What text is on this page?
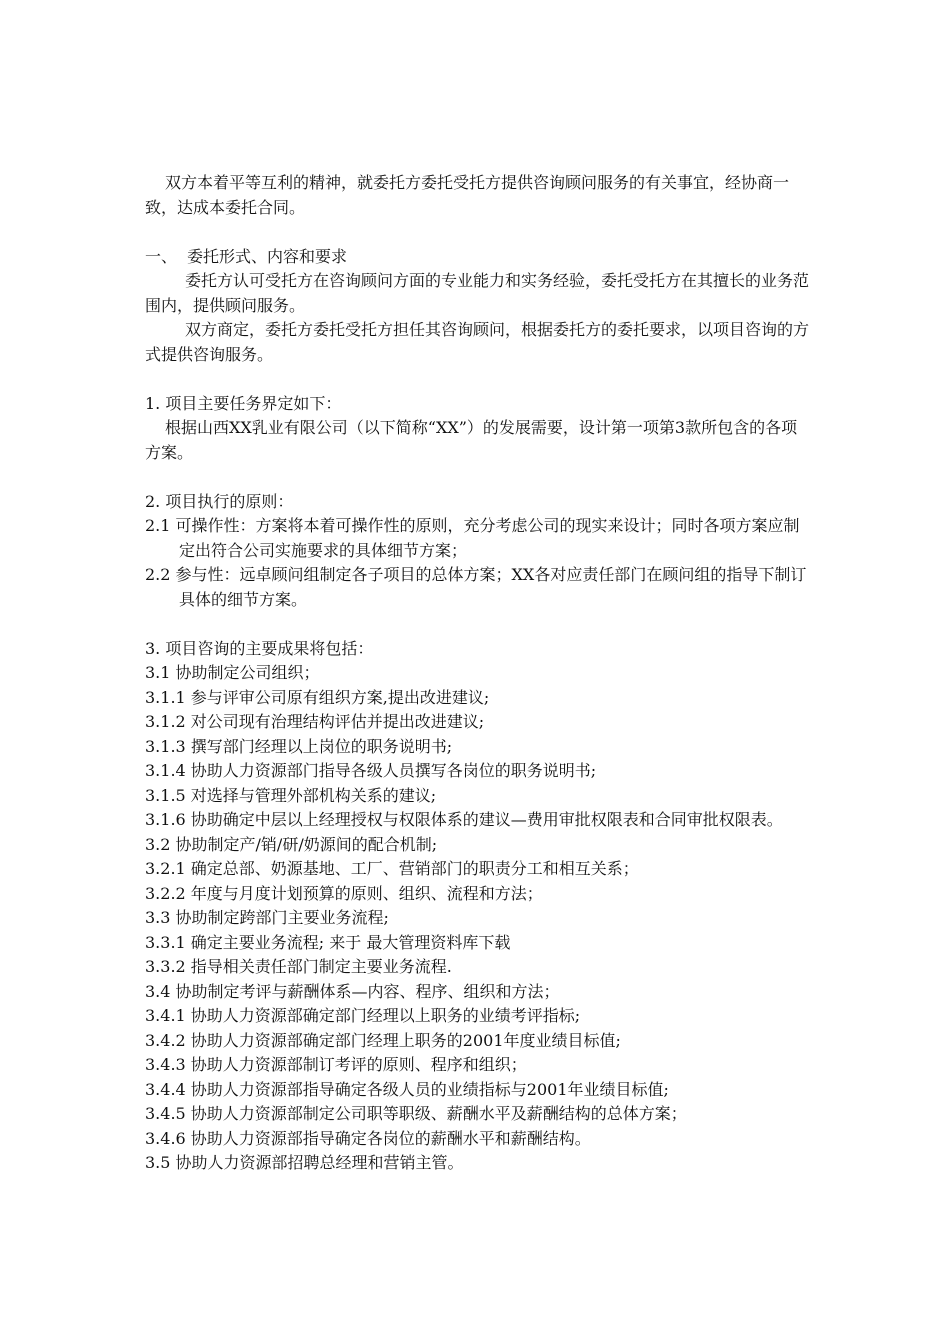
双方本着平等互利的精神，就委托方委托受托方提供咨询顾问服务的有关事宜，经协商一致，达成本委托合同。

一、 委托形式、内容和要求

委托方认可受托方在咨询顾问方面的专业能力和实务经验，委托受托方在其擅长的业务范围内，提供顾问服务。

双方商定，委托方委托受托方担任其咨询顾问，根据委托方的委托要求，以项目咨询的方式提供咨询服务。

1. 项目主要任务界定如下：

根据山西XX乳业有限公司（以下简称“XX”）的发展需要，设计第一项第3款所包含的各项方案。

2. 项目执行的原则：

2.1 可操作性：方案将本着可操作性的原则，充分考虑公司的现实来设计；同时各项方案应制定出符合公司实施要求的具体细节方案；

2.2 参与性：远卓顾问组制定各子项目的总体方案；XX各对应责任部门在顾问组的指导下制订具体的细节方案。

3. 项目咨询的主要成果将包括：

3.1 协助制定公司组织；

3.1.1 参与评审公司原有组织方案,提出改进建议;

3.1.2 对公司现有治理结构评估并提出改进建议;

3.1.3 撰写部门经理以上岗位的职务说明书;

3.1.4 协助人力资源部门指导各级人员撰写各岗位的职务说明书;

3.1.5 对选择与管理外部机构关系的建议;

3.1.6 协助确定中层以上经理授权与权限体系的建议—费用审批权限表和合同审批权限表。

3.2 协助制定产/销/研/奶源间的配合机制;

3.2.1 确定总部、奶源基地、工厂、营销部门的职责分工和相互关系；

3.2.2 年度与月度计划预算的原则、组织、流程和方法；

3.3 协助制定跨部门主要业务流程;

3.3.1 确定主要业务流程; 来于 最大管理资料库下载

3.3.2 指导相关责任部门制定主要业务流程.

3.4 协助制定考评与薪酬体系—内容、程序、组织和方法；

3.4.1 协助人力资源部确定部门经理以上职务的业绩考评指标;

3.4.2 协助人力资源部确定部门经理上职务的2001年度业绩目标值;

3.4.3 协助人力资源部制订考评的原则、程序和组织；

3.4.4 协助人力资源部指导确定各级人员的业绩指标与2001年业绩目标值;

3.4.5 协助人力资源部制定公司职等职级、薪酬水平及薪酬结构的总体方案；

3.4.6 协助人力资源部指导确定各岗位的薪酬水平和薪酬结构。

3.5 协助人力资源部招聘总经理和营销主管。
